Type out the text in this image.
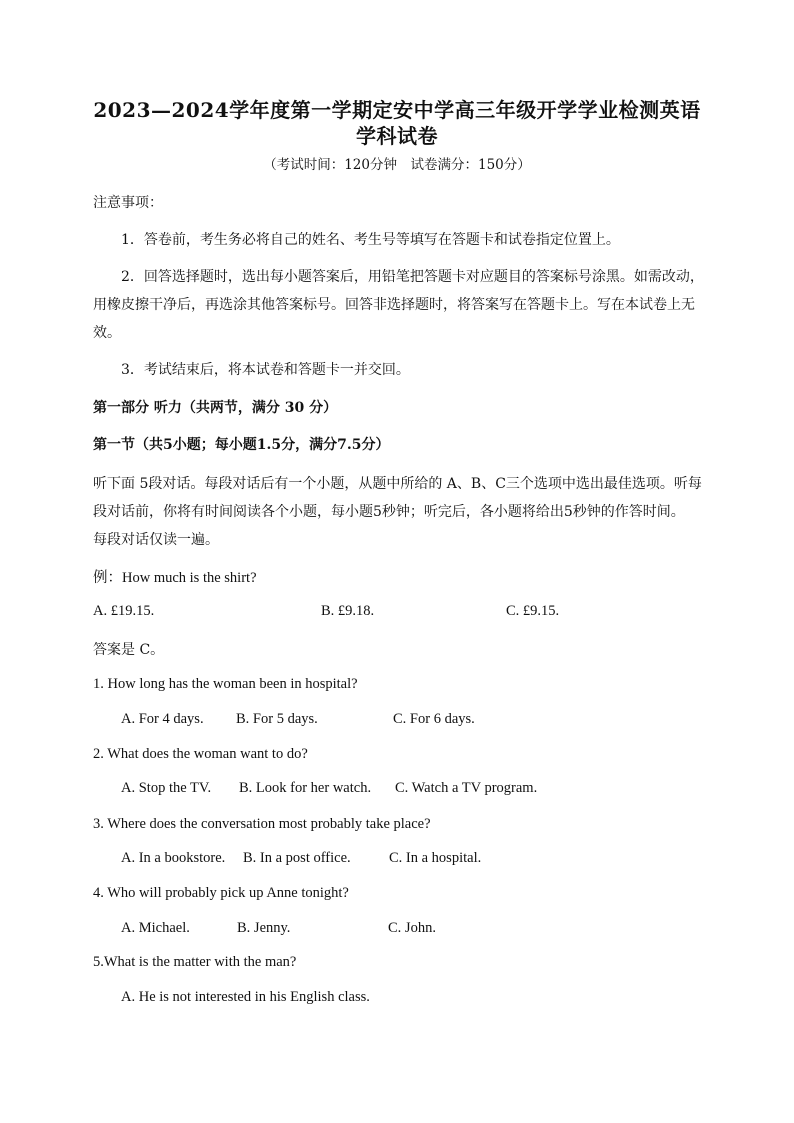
2023—2024学年度第一学期定安中学高三年级开学学业检测英语
学科试卷
（考试时间：120分钟　试卷满分：150分）
注意事项：
1．答卷前，考生务必将自己的姓名、考生号等填写在答题卡和试卷指定位置上。
2．回答选择题时，选出每小题答案后，用铅笔把答题卡对应题目的答案标号涂黑。如需改动，
用橡皮擦干净后，再选涂其他答案标号。回答非选择题时，将答案写在答题卡上。写在本试卷上无
效。
3．考试结束后，将本试卷和答题卡一并交回。
第一部分 听力（共两节，满分 30 分）
第一节（共5小题；每小题1.5分，满分7.5分）
听下面 5段对话。每段对话后有一个小题，从题中所给的 A、B、C三个选项中选出最佳选项。听每
段对话前，你将有时间阅读各个小题，每小题5秒钟；听完后，各小题将给出5秒钟的作答时间。
每段对话仅读一遍。
例：How much is the shirt?
A. £19.15.	B. £9.18.	C. £9.15.
答案是 C。
1. How long has the woman been in hospital?
A. For 4 days. B. For 5 days.	C. For 6 days.
2. What does the woman want to do?
A. Stop the TV. B. Look for her watch. C. Watch a TV program.
3. Where does the conversation most probably take place?
A. In a bookstore. B. In a post office.	C. In a hospital.
4. Who will probably pick up Anne tonight?
A. Michael.	B. Jenny.	C. John.
5.What is the matter with the man?
A. He is not interested in his English class.
